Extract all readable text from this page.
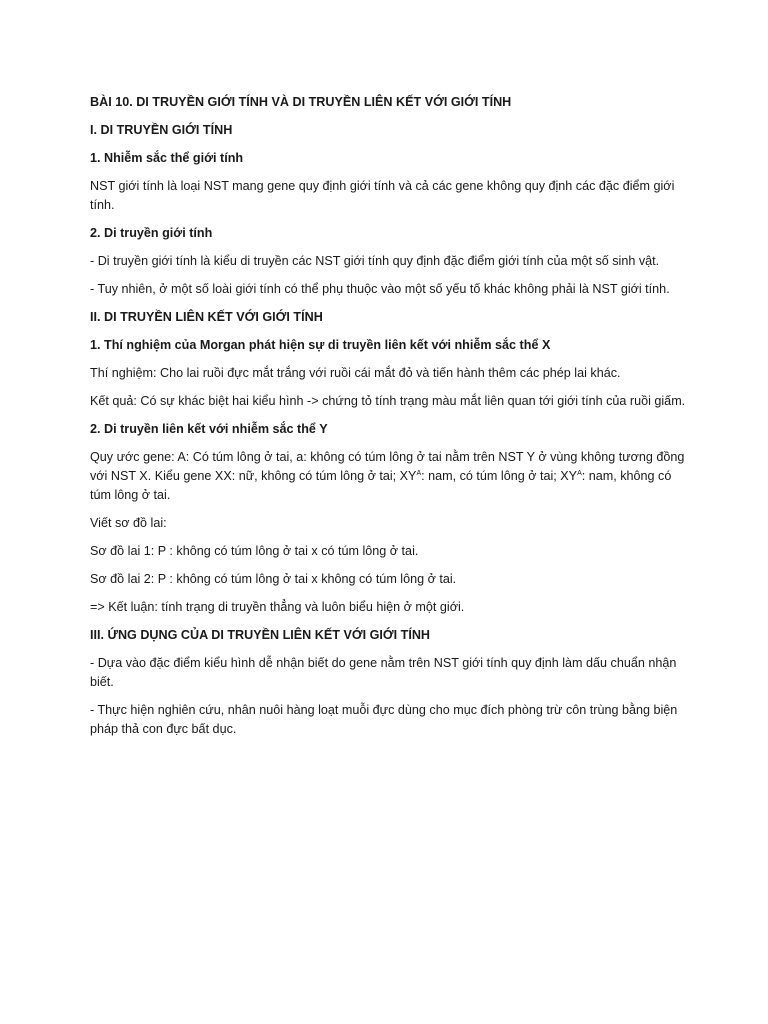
BÀI 10. DI TRUYỀN GIỚI TÍNH VÀ DI TRUYỀN LIÊN KẾT VỚI GIỚI TÍNH

I. DI TRUYỀN GIỚI TÍNH

1. Nhiễm sắc thể giới tính

NST giới tính là loại NST mang gene quy định giới tính và cả các gene không quy định các đặc điểm giới tính.

2. Di truyền giới tính

- Di truyền giới tính là kiểu di truyền các NST giới tính quy định đặc điểm giới tính của một số sinh vật.

- Tuy nhiên, ở một số loài giới tính có thể phụ thuộc vào một số yếu tố khác không phải là NST giới tính.

II. DI TRUYỀN LIÊN KẾT VỚI GIỚI TÍNH

1. Thí nghiệm của Morgan phát hiện sự di truyền liên kết với nhiễm sắc thể X

Thí nghiệm: Cho lai ruồi đực mắt trắng với ruồi cái mắt đỏ và tiến hành thêm các phép lai khác.

Kết quả: Có sự khác biệt hai kiểu hình -> chứng tỏ tính trạng màu mắt liên quan tới giới tính của ruồi giấm.

2. Di truyền liên kết với nhiễm sắc thể Y

Quy ước gene: A: Có túm lông ở tai, a: không có túm lông ở tai nằm trên NST Y ở vùng không tương đồng với NST X. Kiểu gene XX: nữ, không có túm lông ở tai; $XY^A$: nam, có túm lông ở tai; $XY^A$: nam, không có túm lông ở tai.

Viết sơ đồ lai:

Sơ đồ lai 1: P : không có túm lông ở tai x có túm lông ở tai.

Sơ đồ lai 2: P : không có túm lông ở tai x không có túm lông ở tai.

=> Kết luận: tính trạng di truyền thẳng và luôn biểu hiện ở một giới.

III. ỨNG DỤNG CỦA DI TRUYỀN LIÊN KẾT VỚI GIỚI TÍNH

- Dựa vào đặc điểm kiểu hình dễ nhận biết do gene nằm trên NST giới tính quy định làm dấu chuẩn nhận biết.

- Thực hiện nghiên cứu, nhân nuôi hàng loạt muỗi đực dùng cho mục đích phòng trừ côn trùng bằng biện pháp thả con đực bất dục.
